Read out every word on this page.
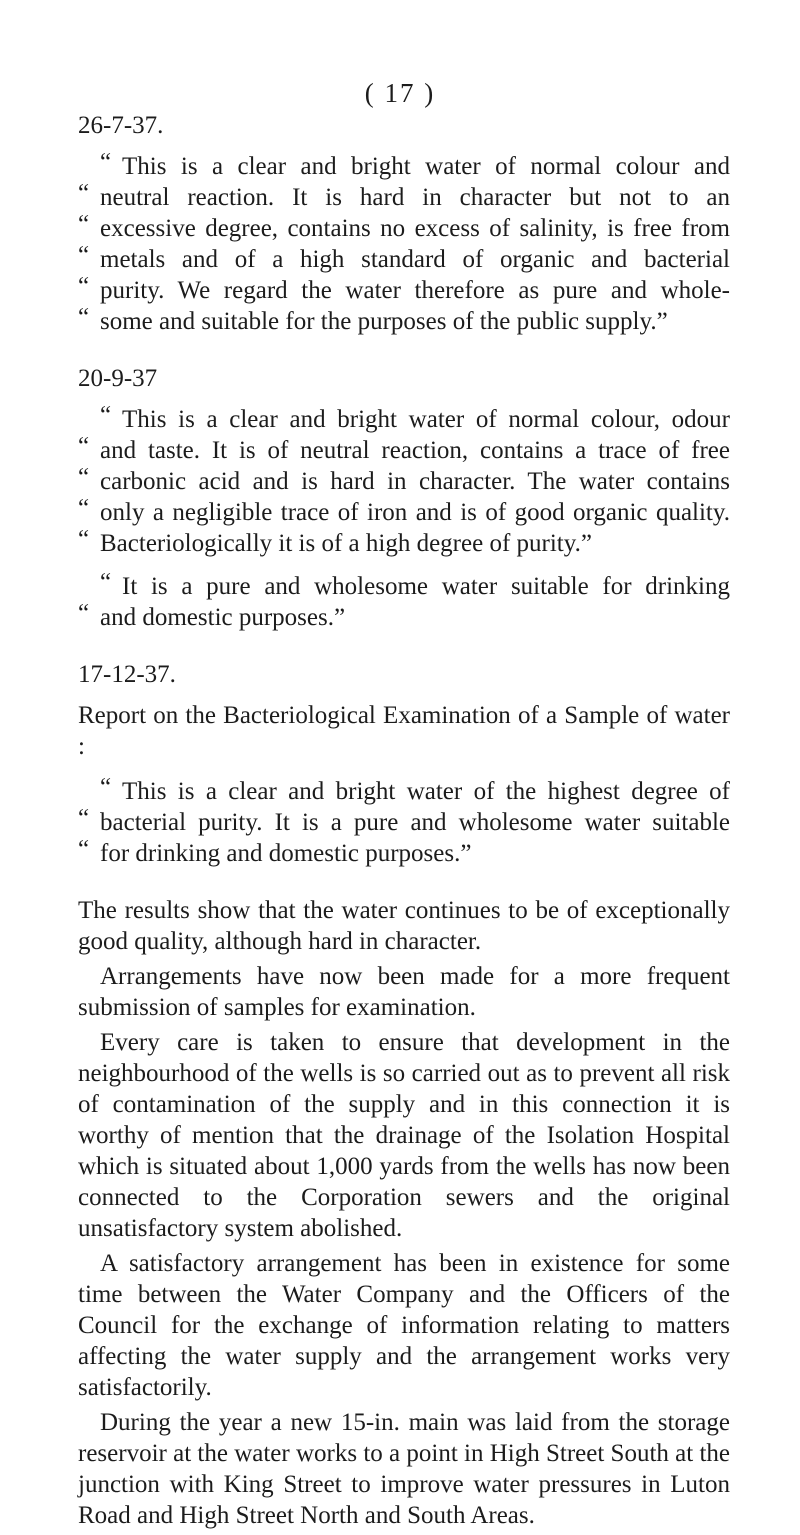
( 17 )
26-7-37.
“ This is a clear and bright water of normal colour and
“ neutral reaction. It is hard in character but not to an
“ excessive degree, contains no excess of salinity, is free from
“ metals and of a high standard of organic and bacterial
“ purity. We regard the water therefore as pure and whole-
“ some and suitable for the purposes of the public supply.”
20-9-37
“ This is a clear and bright water of normal colour, odour
“ and taste. It is of neutral reaction, contains a trace of free
“ carbonic acid and is hard in character. The water contains
“ only a negligible trace of iron and is of good organic quality.
“ Bacteriologically it is of a high degree of purity.”
“ It is a pure and wholesome water suitable for drinking
“ and domestic purposes.”
17-12-37.
Report on the Bacteriological Examination of a Sample of water :
“ This is a clear and bright water of the highest degree of
“ bacterial purity. It is a pure and wholesome water suitable
“ for drinking and domestic purposes.”

The results show that the water continues to be of exceptionally good quality, although hard in character.

Arrangements have now been made for a more frequent submission of samples for examination.

Every care is taken to ensure that development in the neighbourhood of the wells is so carried out as to prevent all risk of contamination of the supply and in this connection it is worthy of mention that the drainage of the Isolation Hospital which is situated about 1,000 yards from the wells has now been connected to the Corporation sewers and the original unsatisfactory system abolished.

A satisfactory arrangement has been in existence for some time between the Water Company and the Officers of the Council for the exchange of information relating to matters affecting the water supply and the arrangement works very satisfactorily.

During the year a new 15-in. main was laid from the storage reservoir at the water works to a point in High Street South at the junction with King Street to improve water pressures in Luton Road and High Street North and South Areas.
